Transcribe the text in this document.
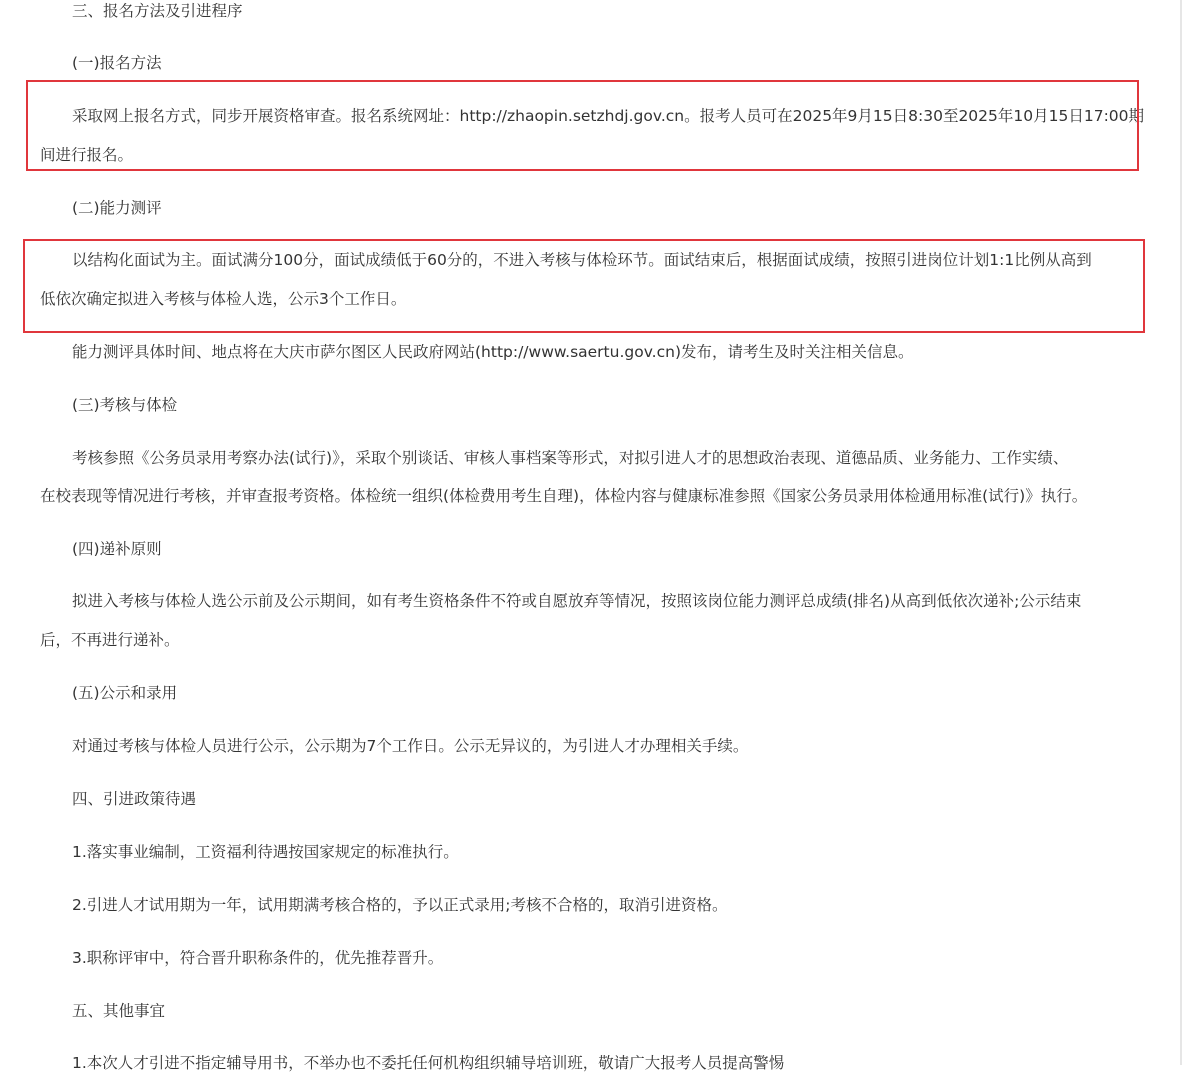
三、报名方法及引进程序
(一)报名方法
采取网上报名方式，同步开展资格审查。报名系统网址：http://zhaopin.setzhdj.gov.cn。报考人员可在2025年9月15日8:30至2025年10月15日17:00期
间进行报名。
(二)能力测评
以结构化面试为主。面试满分100分，面试成绩低于60分的，不进入考核与体检环节。面试结束后，根据面试成绩，按照引进岗位计划1:1比例从高到
低依次确定拟进入考核与体检人选，公示3个工作日。
能力测评具体时间、地点将在大庆市萨尔图区人民政府网站(http://www.saertu.gov.cn)发布，请考生及时关注相关信息。
(三)考核与体检
考核参照《公务员录用考察办法(试行)》，采取个别谈话、审核人事档案等形式，对拟引进人才的思想政治表现、道德品质、业务能力、工作实绩、
在校表现等情况进行考核，并审查报考资格。体检统一组织(体检费用考生自理)，体检内容与健康标准参照《国家公务员录用体检通用标准(试行)》执行。
(四)递补原则
拟进入考核与体检人选公示前及公示期间，如有考生资格条件不符或自愿放弃等情况，按照该岗位能力测评总成绩(排名)从高到低依次递补;公示结束
后，不再进行递补。
(五)公示和录用
对通过考核与体检人员进行公示，公示期为7个工作日。公示无异议的，为引进人才办理相关手续。
四、引进政策待遇
1.落实事业编制，工资福利待遇按国家规定的标准执行。
2.引进人才试用期为一年，试用期满考核合格的，予以正式录用;考核不合格的，取消引进资格。
3.职称评审中，符合晋升职称条件的，优先推荐晋升。
五、其他事宜
1.本次人才引进不指定辅导用书，不举办也不委托任何机构组织辅导培训班，敬请广大报考人员提高警惕
